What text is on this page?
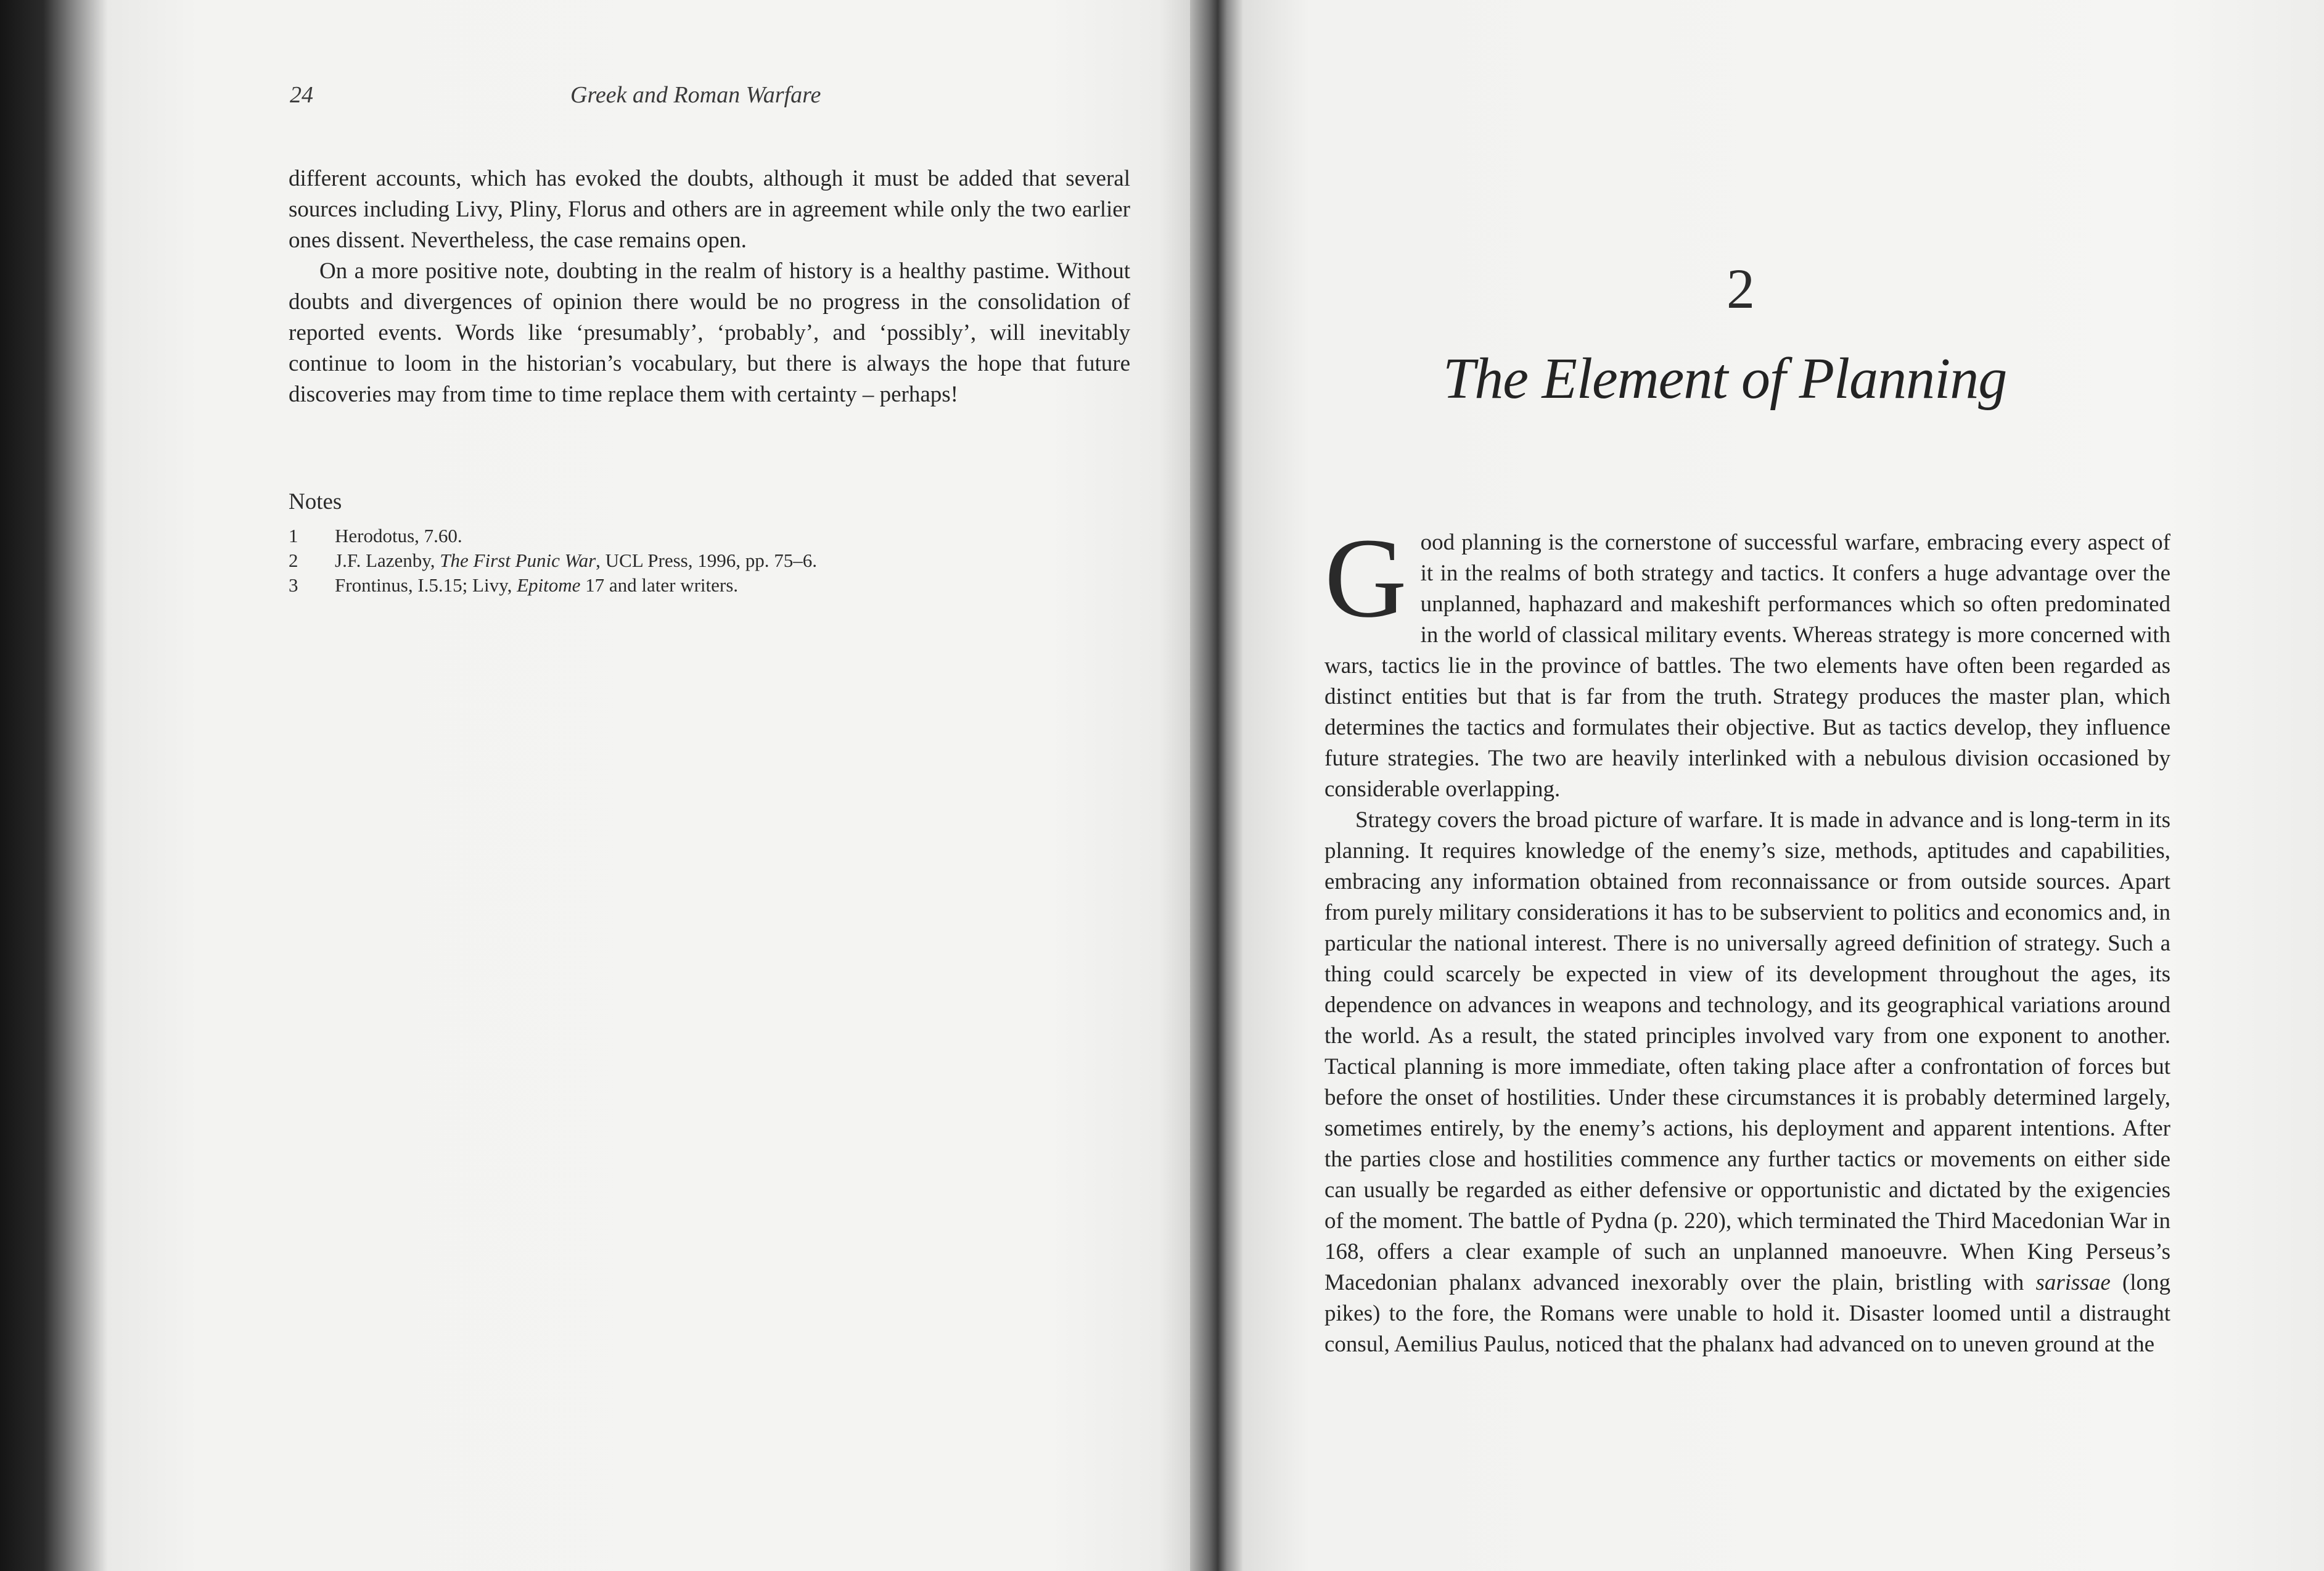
24	Greek and Roman Warfare

different accounts, which has evoked the doubts, although it must be added that several sources including Livy, Pliny, Florus and others are in agreement while only the two earlier ones dissent. Nevertheless, the case remains open.

On a more positive note, doubting in the realm of history is a healthy pastime. Without doubts and divergences of opinion there would be no progress in the consolidation of reported events. Words like ‘presumably’, ‘probably’, and ‘possibly’, will inevitably continue to loom in the historian’s vocabulary, but there is always the hope that future discoveries may from time to time replace them with certainty – perhaps!

Notes
1	Herodotus, 7.60.
2	J.F. Lazenby, The First Punic War, UCL Press, 1996, pp. 75–6.
3	Frontinus, I.5.15; Livy, Epitome 17 and later writers.
2
The Element of Planning

Good planning is the cornerstone of successful warfare, embracing every aspect of it in the realms of both strategy and tactics. It confers a huge advantage over the unplanned, haphazard and makeshift performances which so often predominated in the world of classical military events. Whereas strategy is more concerned with wars, tactics lie in the province of battles. The two elements have often been regarded as distinct entities but that is far from the truth. Strategy produces the master plan, which determines the tactics and formulates their objective. But as tactics develop, they influence future strategies. The two are heavily interlinked with a nebulous division occasioned by considerable overlapping.

Strategy covers the broad picture of warfare. It is made in advance and is long-term in its planning. It requires knowledge of the enemy’s size, methods, aptitudes and capabilities, embracing any information obtained from reconnaissance or from outside sources. Apart from purely military considerations it has to be subservient to politics and economics and, in particular the national interest. There is no universally agreed definition of strategy. Such a thing could scarcely be expected in view of its development throughout the ages, its dependence on advances in weapons and technology, and its geographical variations around the world. As a result, the stated principles involved vary from one exponent to another. Tactical planning is more immediate, often taking place after a confrontation of forces but before the onset of hostilities. Under these circumstances it is probably determined largely, sometimes entirely, by the enemy’s actions, his deployment and apparent intentions. After the parties close and hostilities commence any further tactics or movements on either side can usually be regarded as either defensive or opportunistic and dictated by the exigencies of the moment. The battle of Pydna (p. 220), which terminated the Third Macedonian War in 168, offers a clear example of such an unplanned manoeuvre. When King Perseus’s Macedonian phalanx advanced inexorably over the plain, bristling with sarissae (long pikes) to the fore, the Romans were unable to hold it. Disaster loomed until a distraught consul, Aemilius Paulus, noticed that the phalanx had advanced on to uneven ground at the
